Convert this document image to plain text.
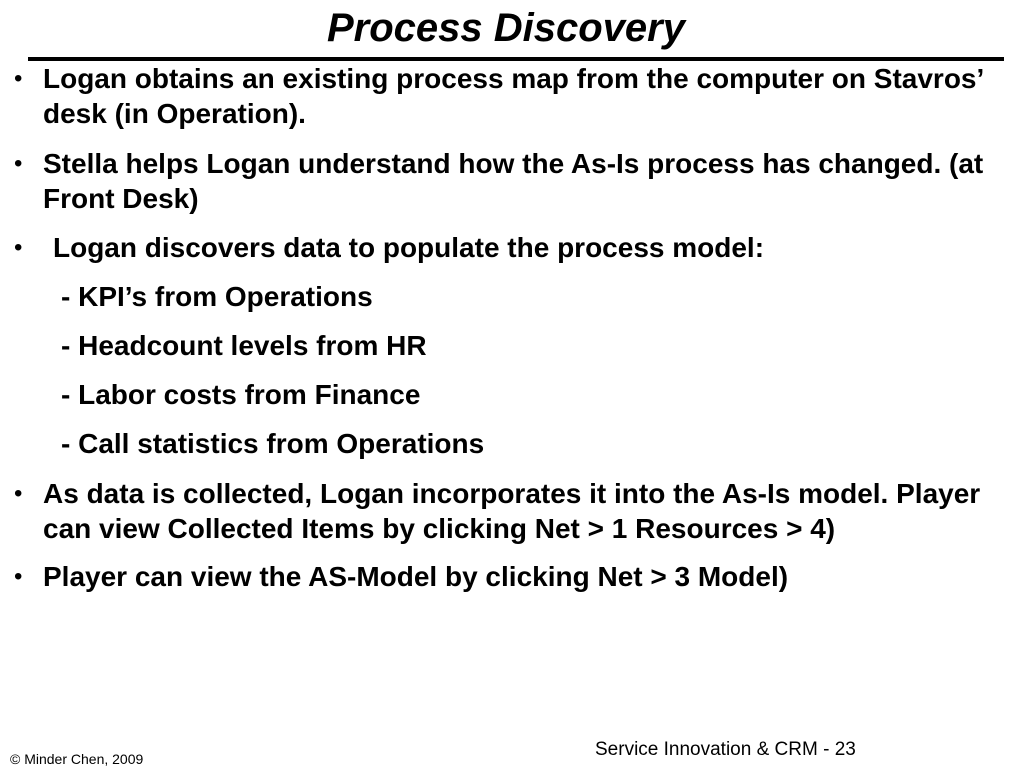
Process Discovery
• Logan obtains an existing process map from the computer on Stavros’ desk (in Operation).
• Stella helps Logan understand how the As-Is process has changed. (at Front Desk)
• Logan discovers data to populate the process model:
- KPI’s from Operations
- Headcount levels from HR
- Labor costs from Finance
- Call statistics from Operations
• As data is collected, Logan incorporates it into the As-Is model. Player can view Collected Items by clicking Net > 1 Resources > 4)
• Player can view the AS-Model by clicking Net > 3 Model)
© Minder Chen, 2009	Service Innovation & CRM - 23
